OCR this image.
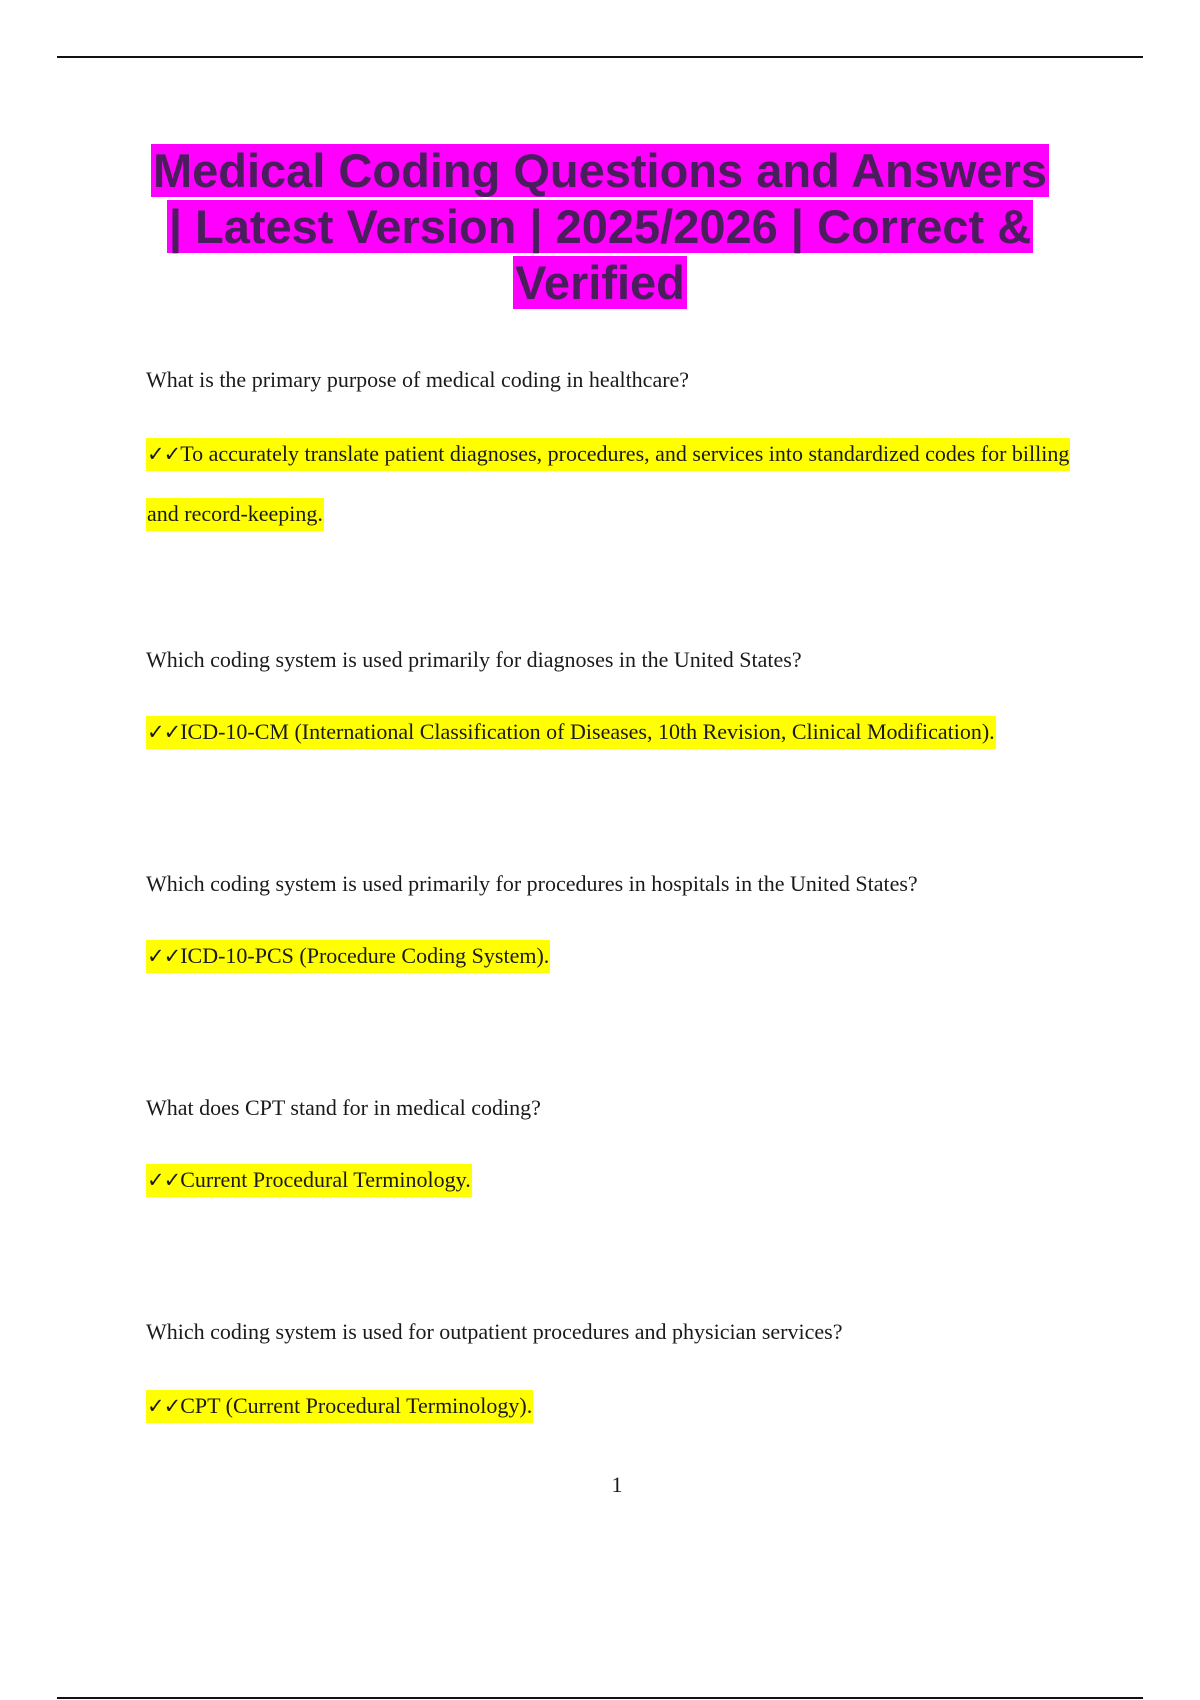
Medical Coding Questions and Answers | Latest Version | 2025/2026 | Correct & Verified

What is the primary purpose of medical coding in healthcare?

✓✓To accurately translate patient diagnoses, procedures, and services into standardized codes for billing and record-keeping.

Which coding system is used primarily for diagnoses in the United States?

✓✓ICD-10-CM (International Classification of Diseases, 10th Revision, Clinical Modification).

Which coding system is used primarily for procedures in hospitals in the United States?

✓✓ICD-10-PCS (Procedure Coding System).

What does CPT stand for in medical coding?

✓✓Current Procedural Terminology.

Which coding system is used for outpatient procedures and physician services?

✓✓CPT (Current Procedural Terminology).

1
